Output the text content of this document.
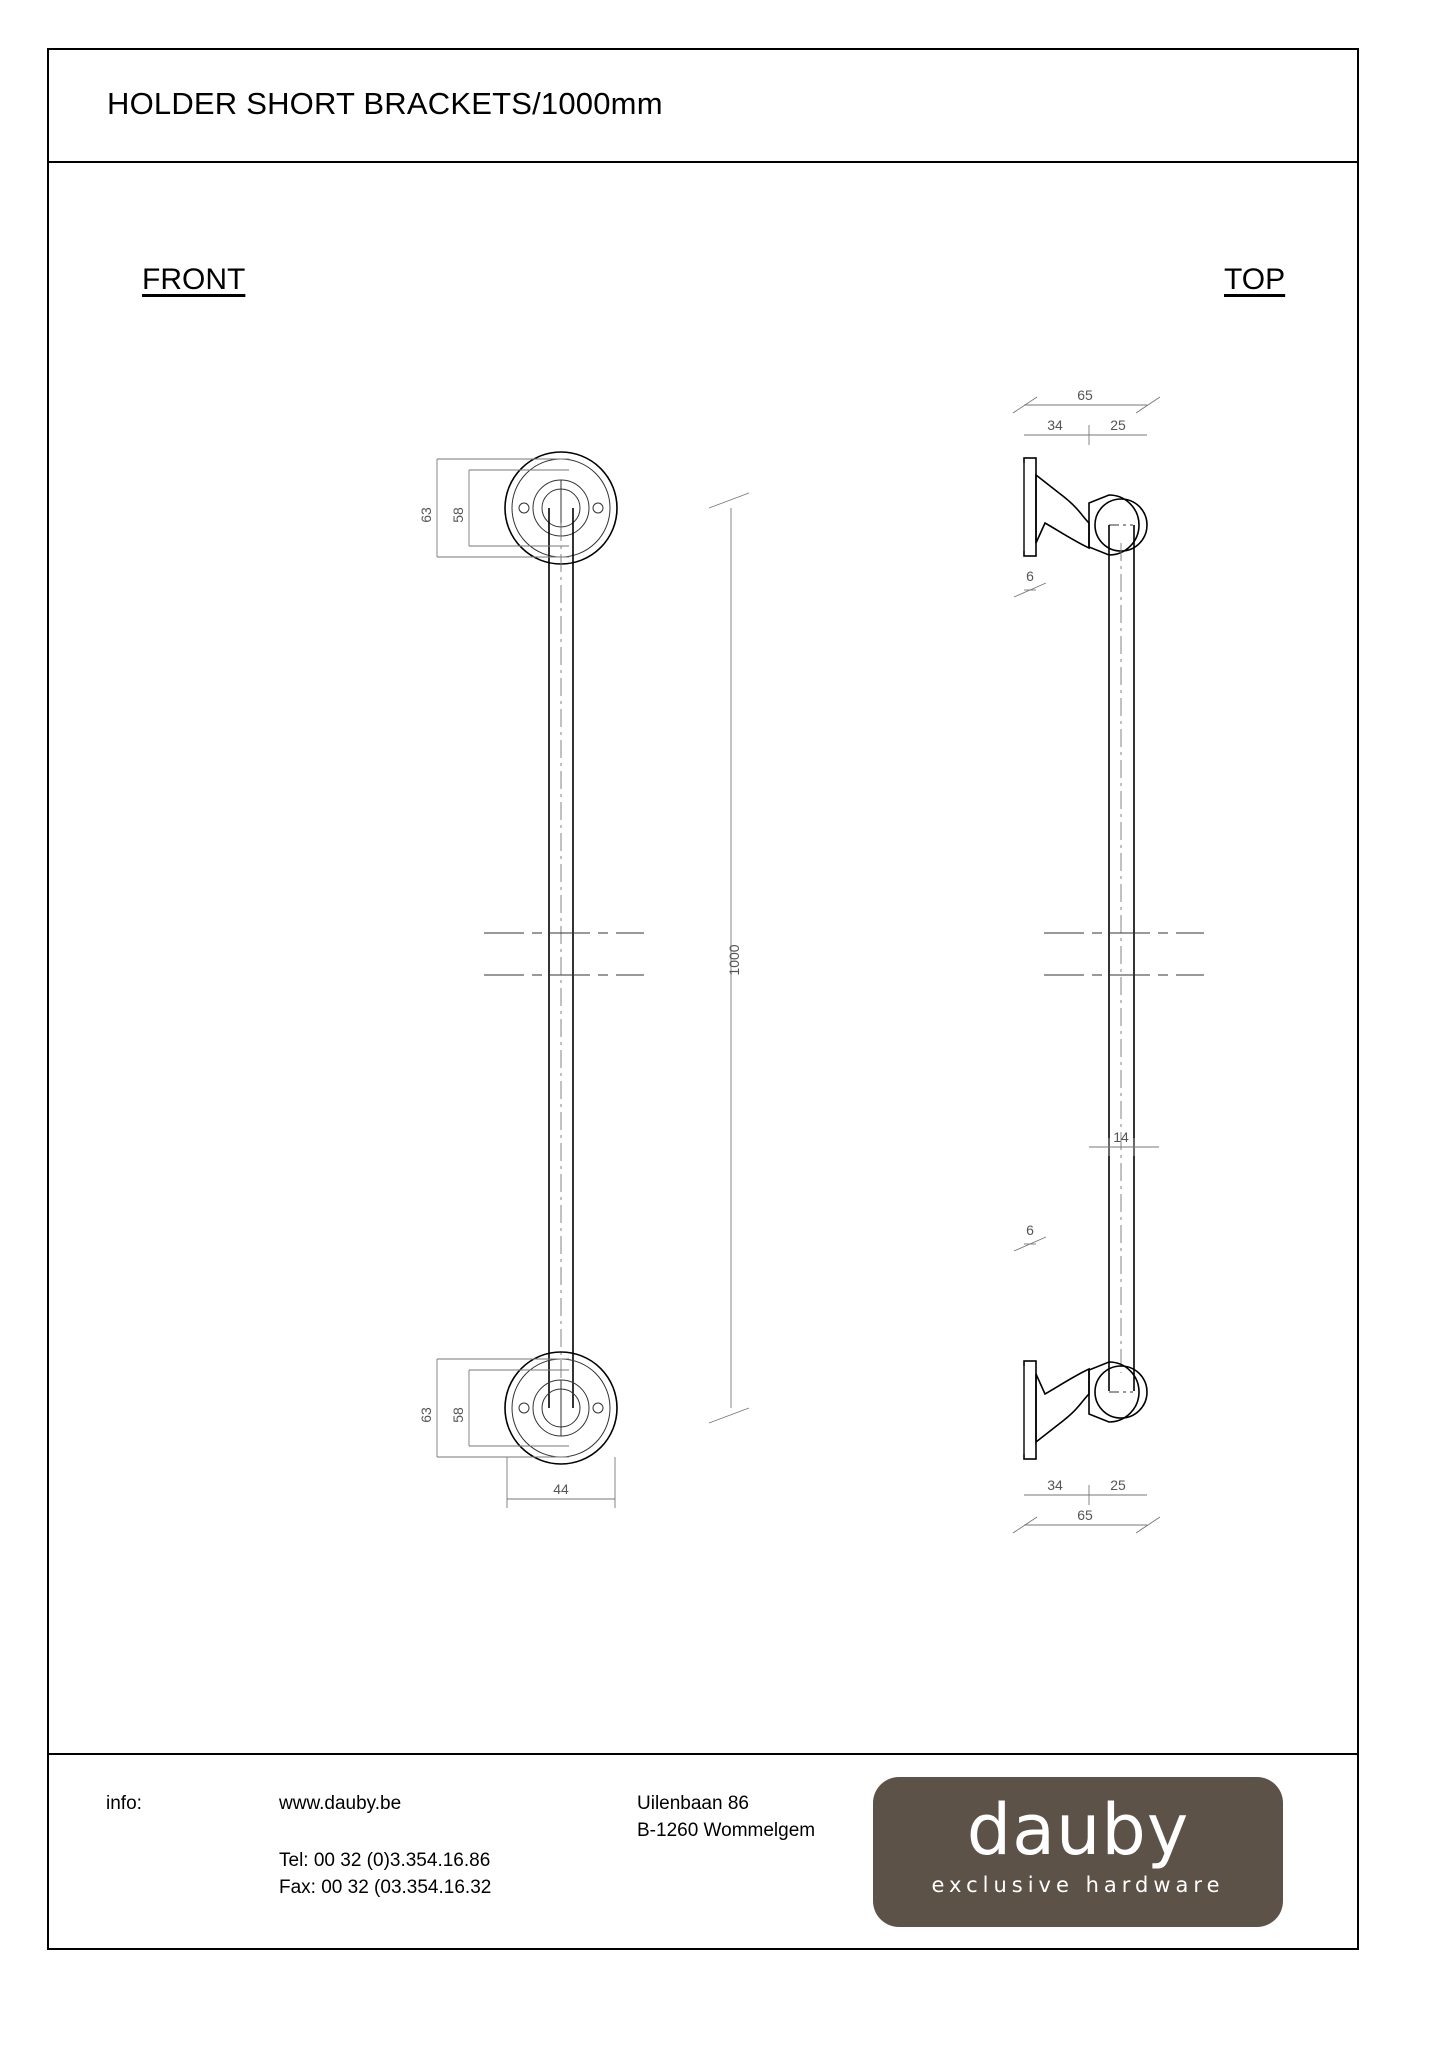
HOLDER SHORT BRACKETS/1000mm
FRONT	TOP
63 58
63 58
44
1000
65
34	25
6
14
6
34	25
65
info:	www.dauby.be
Tel: 00 32 (0)3.354.16.86
Fax: 00 32 (03.354.16.32
Uilenbaan 86
B-1260 Wommelgem	dauby
exclusive hardware
